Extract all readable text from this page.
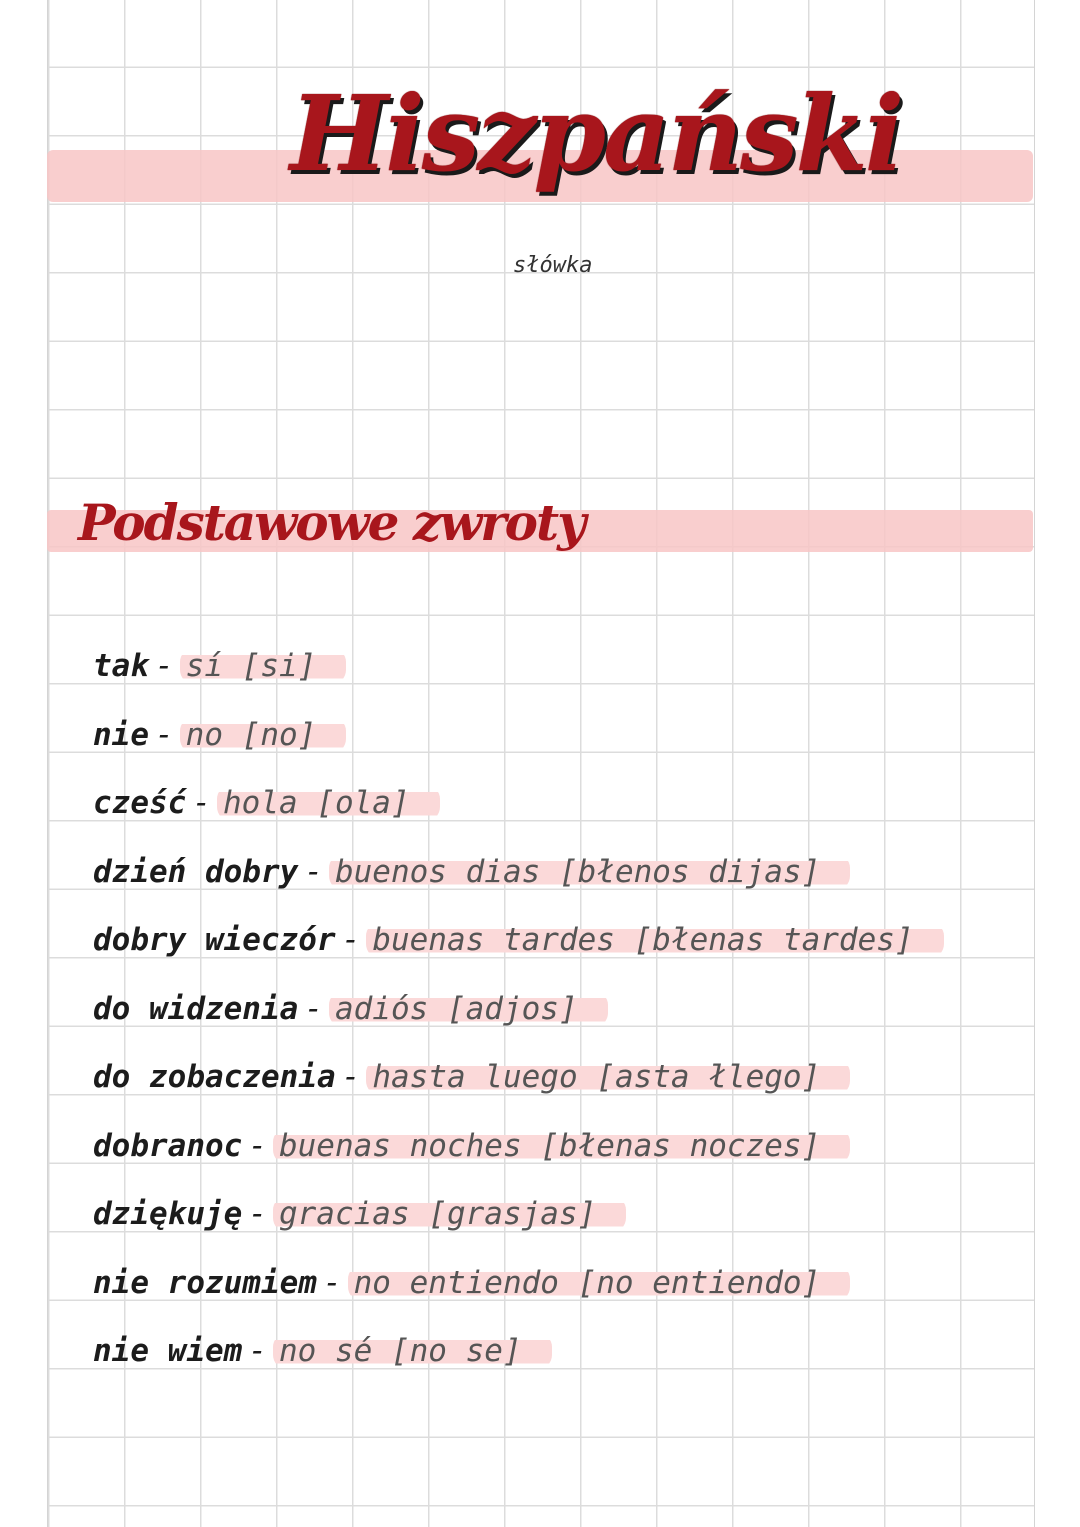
Hiszpański

słówka

Podstawowe zwroty
tak - sí [si]
nie - no [no]
cześć - hola [ola]
dzień dobry - buenos dias [błenos dijas]
dobry wieczór - buenas tardes [błenas tardes]
do widzenia - adiós [adjos]
do zobaczenia - hasta luego [asta łlego]
dobranoc - buenas noches [błenas noczes]
dziękuję - gracias [grasjas]
nie rozumiem - no entiendo [no entiendo]
nie wiem - no sé [no se]
